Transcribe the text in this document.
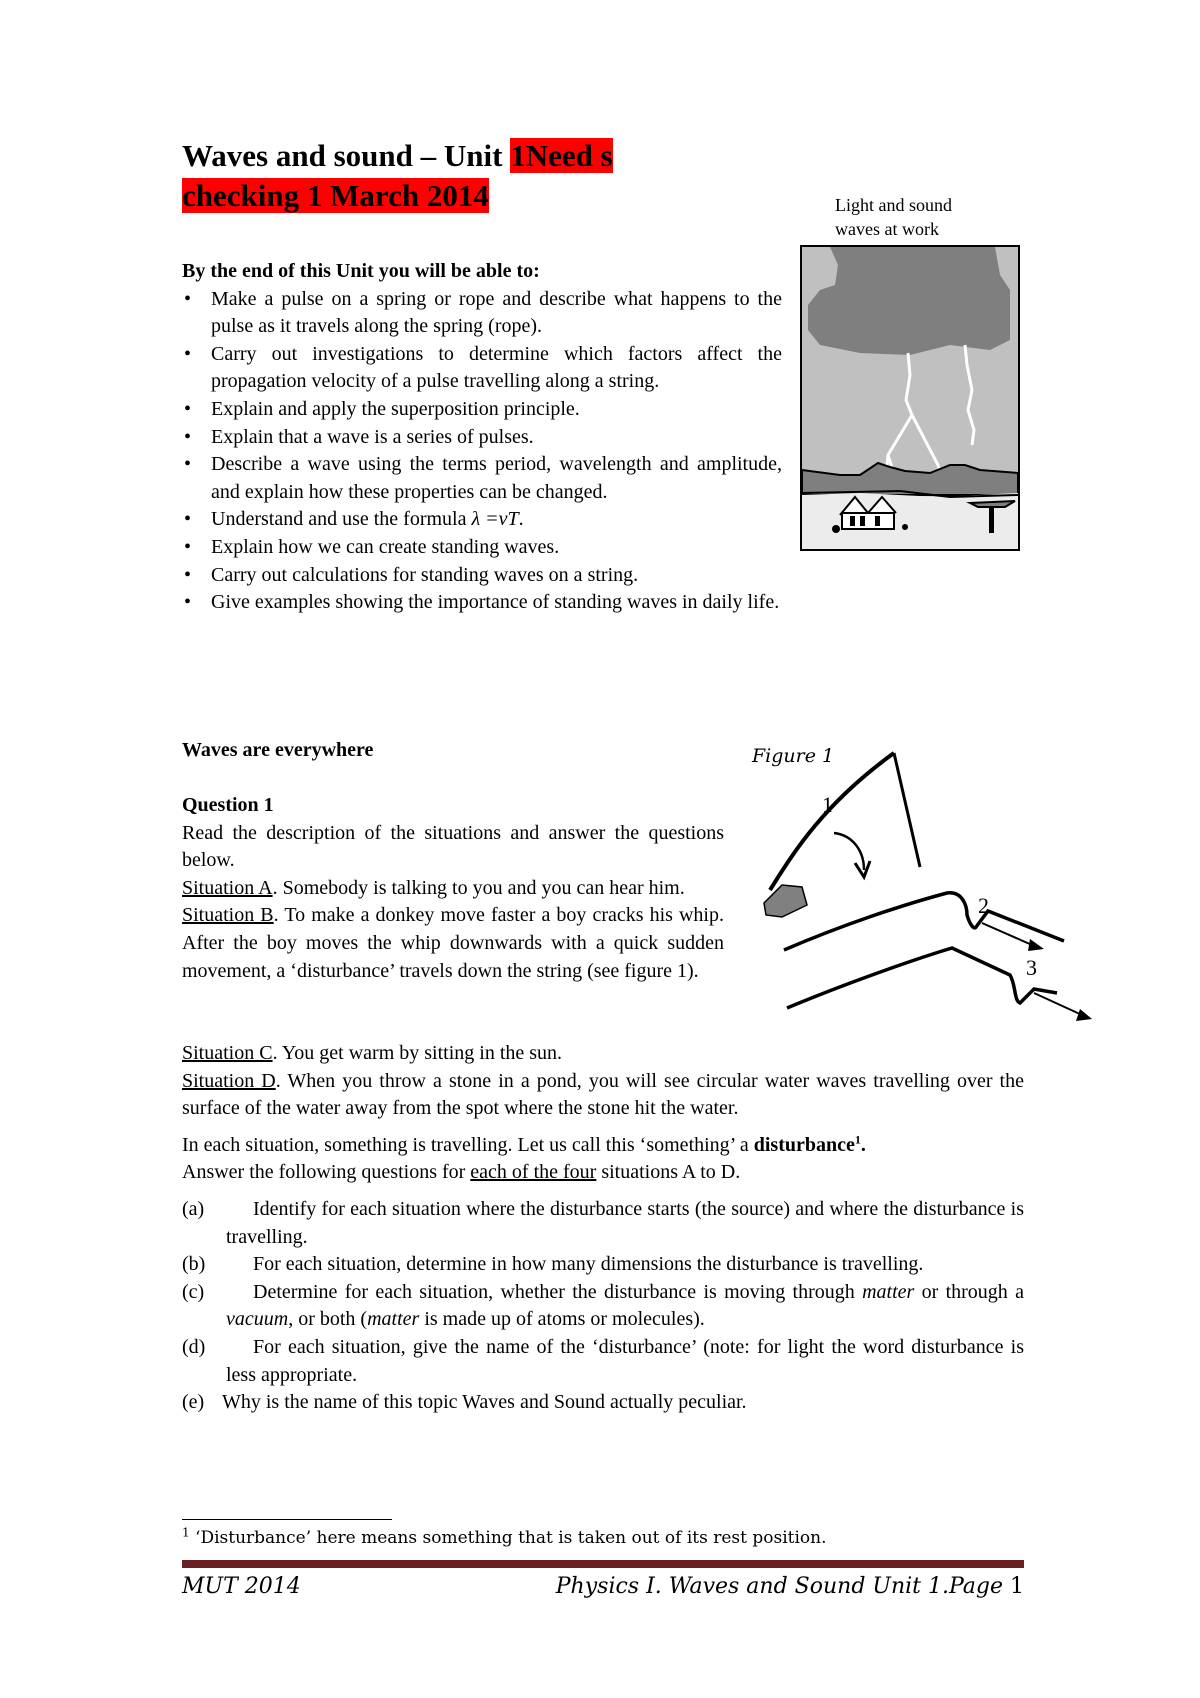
Waves and sound – Unit 1Need s
checking 1 March 2014	Light and sound
waves at work
By the end of this Unit you will be able to:
• Make a pulse on a spring or rope and describe what happens to the pulse as it travels along the spring (rope).
• Carry out investigations to determine which factors affect the propagation velocity of a pulse travelling along a string.
• Explain and apply the superposition principle.
• Explain that a wave is a series of pulses.
• Describe a wave using the terms period, wavelength and amplitude, and explain how these properties can be changed.
• Understand and use the formula λ =νT.
• Explain how we can create standing waves.
• Carry out calculations for standing waves on a string.
• Give examples showing the importance of standing waves in daily life.
Waves are everywhere
Question 1
Read the description of the situations and answer the questions below.
Situation A. Somebody is talking to you and you can hear him.
Situation B. To make a donkey move faster a boy cracks his whip. After the boy moves the whip downwards with a quick sudden movement, a ‘disturbance’ travels down the string (see figure 1).
Situation C. You get warm by sitting in the sun.
Situation D. When you throw a stone in a pond, you will see circular water waves travelling over the surface of the water away from the spot where the stone hit the water.
In each situation, something is travelling. Let us call this ‘something’ a disturbance$^1$.
Answer the following questions for each of the four situations A to D.
(a) Identify for each situation where the disturbance starts (the source) and where the disturbance is travelling.
(b) For each situation, determine in how many dimensions the disturbance is travelling.
(c) Determine for each situation, whether the disturbance is moving through matter or through a vacuum, or both (matter is made up of atoms or molecules).
(d) For each situation, give the name of the ‘disturbance’ (note: for light the word disturbance is less appropriate.
(e) Why is the name of this topic Waves and Sound actually peculiar.
Figure 1
1
2
3
$^1$ ‘Disturbance’ here means something that is taken out of its rest position.
MUT 2014	Physics I. Waves and Sound Unit 1.Page 1
